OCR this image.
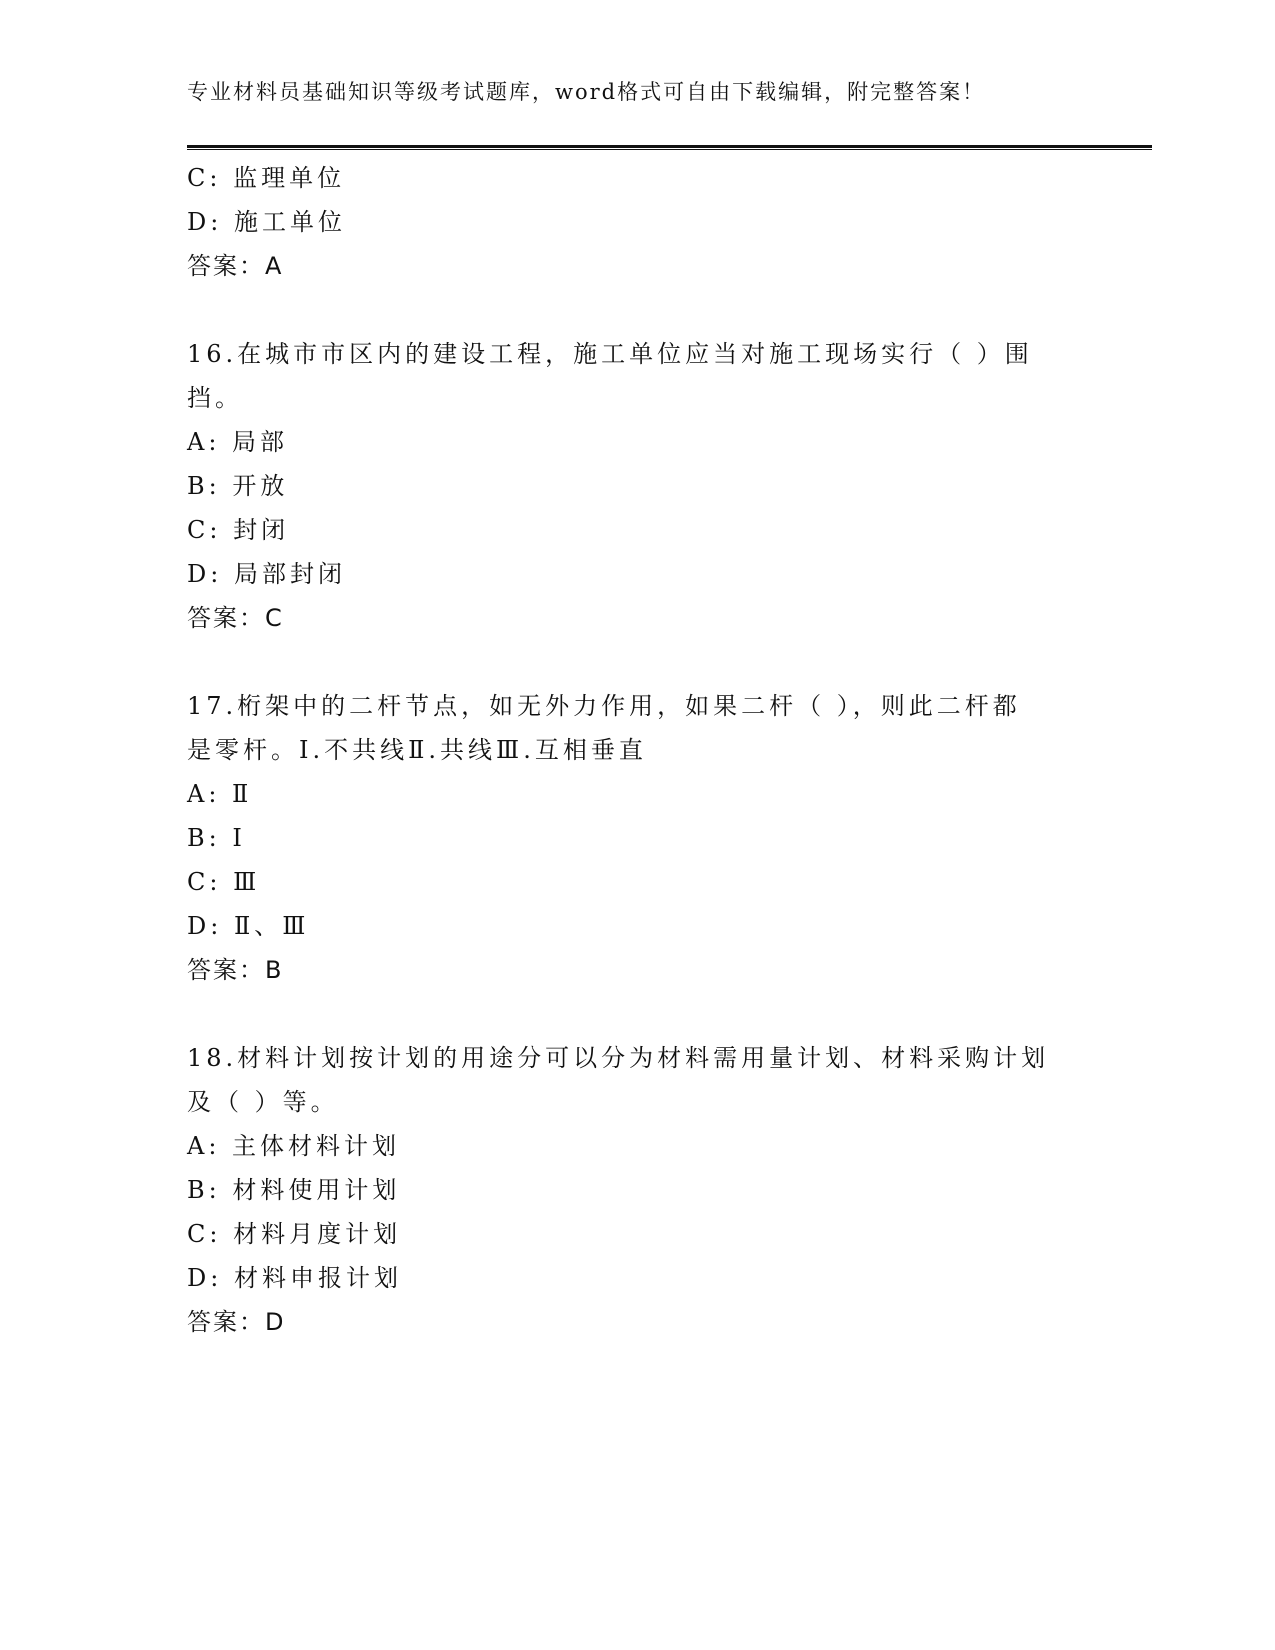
专业材料员基础知识等级考试题库，word格式可自由下载编辑，附完整答案！
C: 监理单位
D: 施工单位
答案：A
16.在城市市区内的建设工程，施工单位应当对施工现场实行（ ）围
挡。
A: 局部
B: 开放
C: 封闭
D: 局部封闭
答案：C
17.桁架中的二杆节点，如无外力作用，如果二杆（ ），则此二杆都
是零杆。I.不共线Ⅱ.共线Ⅲ.互相垂直
A: Ⅱ
B: I
C: Ⅲ
D: Ⅱ、Ⅲ
答案：B
18.材料计划按计划的用途分可以分为材料需用量计划、材料采购计划
及（ ）等。
A: 主体材料计划
B: 材料使用计划
C: 材料月度计划
D: 材料申报计划
答案：D
